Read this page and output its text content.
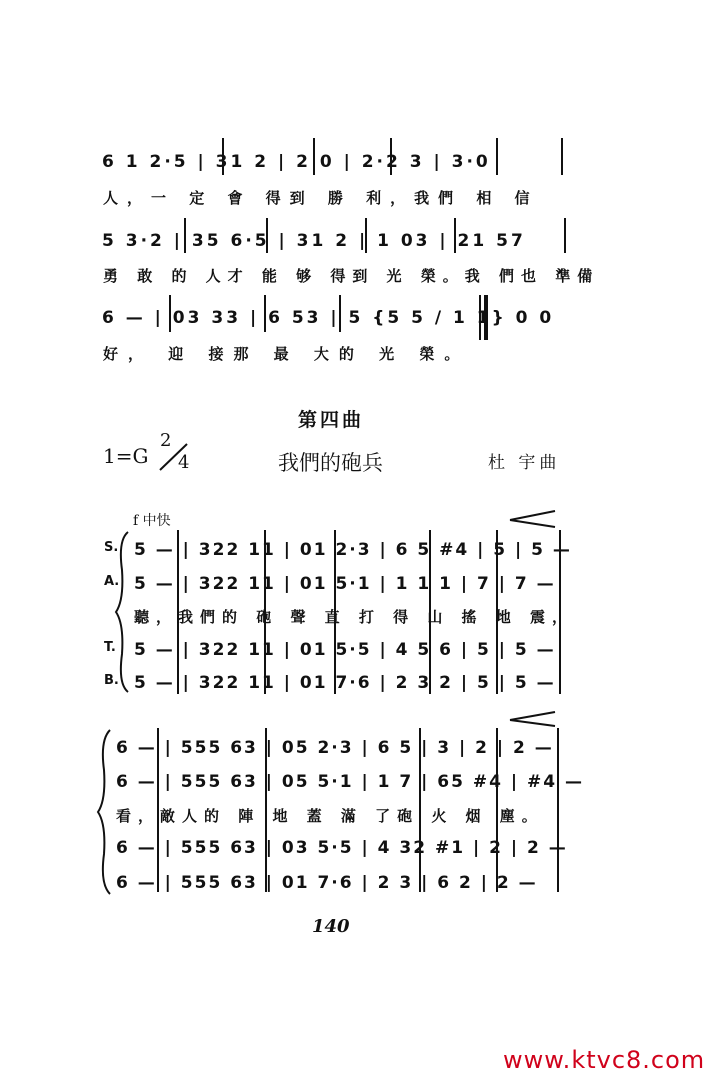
6 1 2·5 | 31 2 | 2 0 | 2·2 3 | 3·0
人，一 定 會 得到 勝 利，我們 相 信
5 3·2 | 35 6·5 | 31 2 | 1 03 | 21 57
勇 敢 的 人才 能 够 得到 光 榮。我 們也 準備
6 — | 03 33 | 6 53 | 5 {5 5 / 1 1} 0 0
好， 迎 接那 最 大的 光 榮。
第四曲
1=G
2
4	我們的砲兵	杜 宇曲
f 中快
S.
A.
T.
B.
5 — | 322 11 | 01 2·3 | 6 5 #4 | 5 | 5 —
5 — | 322 11 | 01 5·1 | 1 1 1 | 7 | 7 —
聽，我們的 砲 聲 直 打 得 山 搖 地 震，
5 — | 322 11 | 01 5·5 | 4 5 6 | 5 | 5 —
5 — | 322 11 | 01 7·6 | 2 3 2 | 5 | 5 —
6 — | 555 63 | 05 2·3 | 6 5 | 3 | 2 | 2 —
6 — | 555 63 | 05 5·1 | 1 7 | 65 #4 | #4 —
看，敵人的 陣 地 蓋 滿 了砲 火 烟 塵。
6 — | 555 63 | 03 5·5 | 4 32 #1 | 2 | 2 —
6 — | 555 63 | 01 7·6 | 2 3 | 6 2 | 2 —
140
www.ktvc8.com
